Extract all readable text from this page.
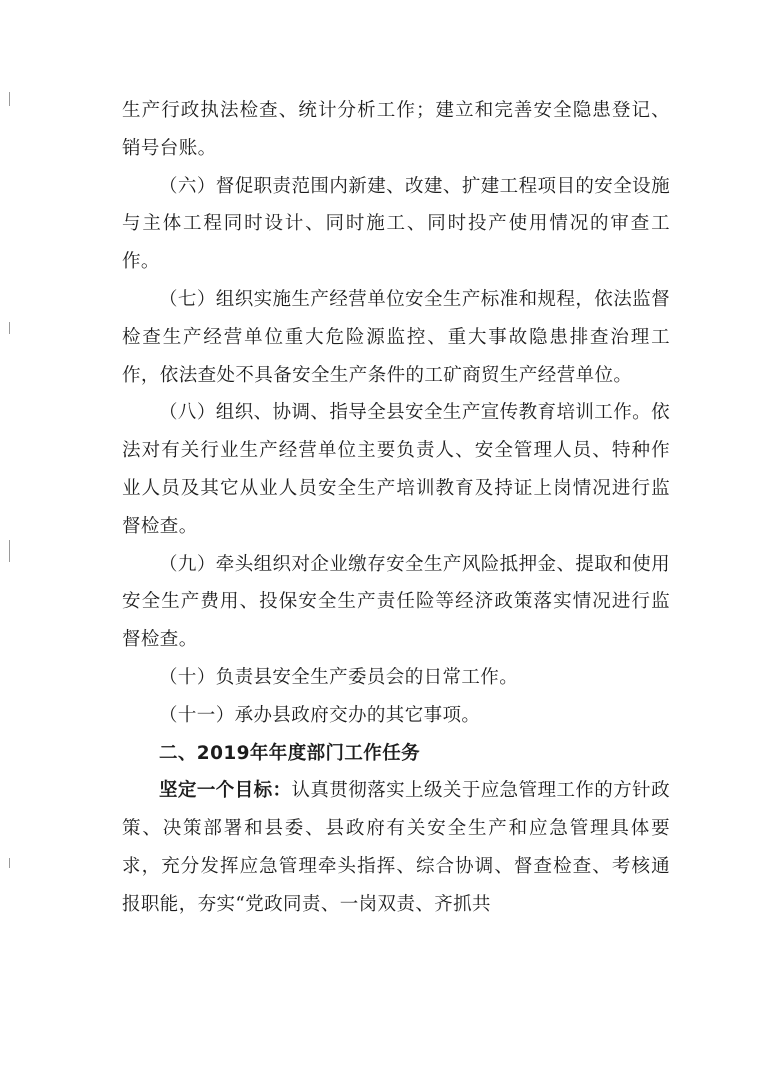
生产行政执法检查、统计分析工作；建立和完善安全隐患登记、销号台账。

（六）督促职责范围内新建、改建、扩建工程项目的安全设施与主体工程同时设计、同时施工、同时投产使用情况的审查工作。

（七）组织实施生产经营单位安全生产标准和规程，依法监督检查生产经营单位重大危险源监控、重大事故隐患排查治理工作，依法查处不具备安全生产条件的工矿商贸生产经营单位。

（八）组织、协调、指导全县安全生产宣传教育培训工作。依法对有关行业生产经营单位主要负责人、安全管理人员、特种作业人员及其它从业人员安全生产培训教育及持证上岗情况进行监督检查。

（九）牵头组织对企业缴存安全生产风险抵押金、提取和使用安全生产费用、投保安全生产责任险等经济政策落实情况进行监督检查。

（十）负责县安全生产委员会的日常工作。

（十一）承办县政府交办的其它事项。

二、2019年年度部门工作任务

坚定一个目标：认真贯彻落实上级关于应急管理工作的方针政策、决策部署和县委、县政府有关安全生产和应急管理具体要求，充分发挥应急管理牵头指挥、综合协调、督查检查、考核通报职能，夯实“党政同责、一岗双责、齐抓共
